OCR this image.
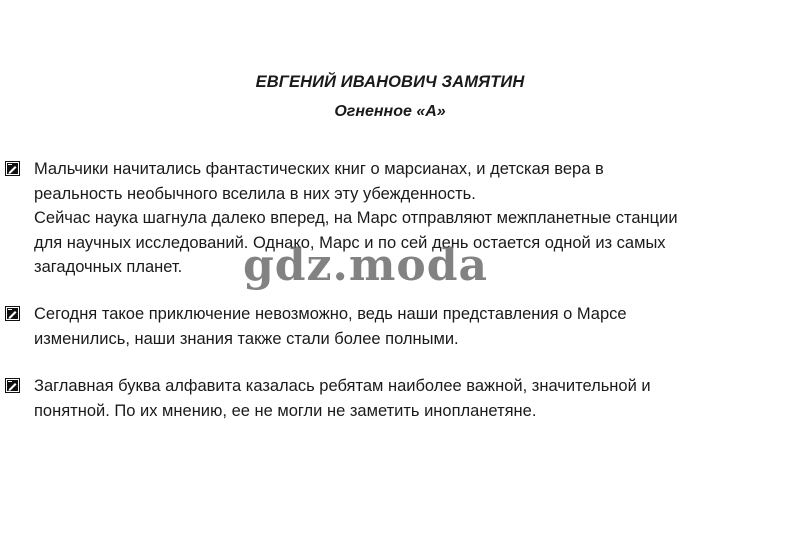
ЕВГЕНИЙ ИВАНОВИЧ ЗАМЯТИН
Огненное «А»
Мальчики начитались фантастических книг о марсианах, и детская вера в
реальность необычного вселила в них эту убежденность.
Сейчас наука шагнула далеко вперед, на Марс отправляют межпланетные станции
для научных исследований. Однако, Марс и по сей день остается одной из самых
загадочных планет.
Сегодня такое приключение невозможно, ведь наши представления о Марсе
изменились, наши знания также стали более полными.
Заглавная буква алфавита казалась ребятам наиболее важной, значительной и
понятной. По их мнению, ее не могли не заметить инопланетяне.
gdz.moda
